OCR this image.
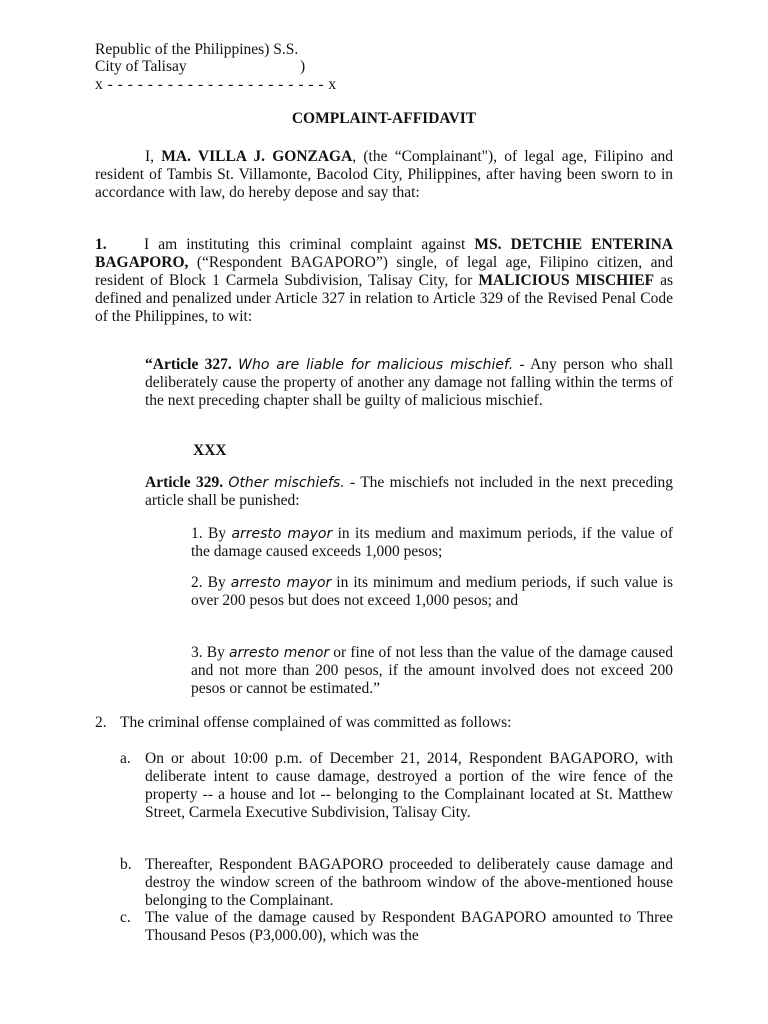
Republic of the Philippines) S.S.
City of Talisay	)
x - - - - - - - - - - - - - - - - - - - - - - x
COMPLAINT-AFFIDAVIT
I, MA. VILLA J. GONZAGA, (the “Complainant"), of legal age, Filipino and resident of Tambis St. Villamonte, Bacolod City, Philippines, after having been sworn to in accordance with law, do hereby depose and say that:
1. I am instituting this criminal complaint against MS. DETCHIE ENTERINA BAGAPORO, (“Respondent BAGAPORO”) single, of legal age, Filipino citizen, and resident of Block 1 Carmela Subdivision, Talisay City, for MALICIOUS MISCHIEF as defined and penalized under Article 327 in relation to Article 329 of the Revised Penal Code of the Philippines, to wit:
“Article 327. Who are liable for malicious mischief. - Any person who shall deliberately cause the property of another any damage not falling within the terms of the next preceding chapter shall be guilty of malicious mischief.
XXX
Article 329. Other mischiefs. - The mischiefs not included in the next preceding article shall be punished:
1. By arresto mayor in its medium and maximum periods, if the value of the damage caused exceeds 1,000 pesos;
2. By arresto mayor in its minimum and medium periods, if such value is over 200 pesos but does not exceed 1,000 pesos; and
3. By arresto menor or fine of not less than the value of the damage caused and not more than 200 pesos, if the amount involved does not exceed 200 pesos or cannot be estimated.”
2. The criminal offense complained of was committed as follows:
a. On or about 10:00 p.m. of December 21, 2014, Respondent BAGAPORO, with deliberate intent to cause damage, destroyed a portion of the wire fence of the property -- a house and lot -- belonging to the Complainant located at St. Matthew Street, Carmela Executive Subdivision, Talisay City.
b. Thereafter, Respondent BAGAPORO proceeded to deliberately cause damage and destroy the window screen of the bathroom window of the above-mentioned house belonging to the Complainant.
c. The value of the damage caused by Respondent BAGAPORO amounted to Three Thousand Pesos (P3,000.00), which was the
